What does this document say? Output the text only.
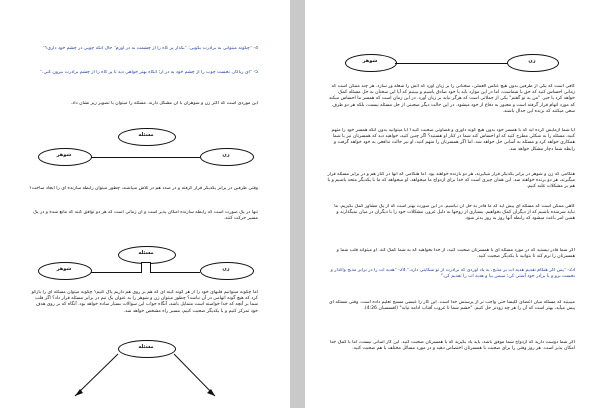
4- "چگونه میتوانی به برادرت بگویی: "بگذار پر کاه را از چشمت به در آورم" حال آنکه چوبی در چشم خود داری؟"
5- "ای ریاکار، نخست چوب را از چشم خود به در آر؛ آنگاه بهتر خواهی دید تا پر کاه را از چشم برادرت بیرون کنی."
این موردی است که اکثر زن و شوهران با آن مشکل دارند. مسئله را میتوان با تصویر زیر نشان داد.
مسئله
شوهر	زن
وقتی طرفین در برابر یکدیگر قرار گرفته و در صدد هم در تلاش میباشند، چطور میتوان رابطه سازنده ای را ایجاد ساخت؟
تنها در یک صورت است که رابطه سازنده امکان پذیر است و آن زمانی است که هر دو توافق کنند که مانع شده و در یک مسیر حرکت کنند.
مسئله
شوهر	زن
اما چگونه میتوانیم قلبهای خود را از هر گونه کینه ای که هم بر روی هم داریم پاک کنیم؟ چگونه میتوان مسئله ای را بازگو کرد که هیچ گونه اتهامی در آن نباشد؟ چطور میتوان زن و شوهر را به عنوان یک تیم در برابر مسئله قرار داد؟ اگر قلب شما بر آنچه که خدا خواسته است متمایل باشد، آنگاه جواب این سوالات بسیار ساده خواهد بود. آنگاه که بر روی هدف خود تمرکز کنیم و با یکدیگر صحبت کنیم، مسیر راه مشخص خواهد شد.
مسئله
شوهر	زن
کافی است که یکی از طرفین بدون هیچ عکس العملی، سخنانی را بر زبان آورد که آتش را شعله ور سازد. هر چند ممکن است که زمانی احساس کنید که حق با شماست، اما در این موارد باید با خود صادق باشیم و ببینیم که آیا این سخنان به حل مسئله کمک خواهد کرد یا خیر. "من به تو گفتم" یکی از جملاتی است که هرگز نباید بر زبان آورد. در این زمان است که همسر ما احساس میکند که مورد اتهام قرار گرفته است و مجبور به دفاع از خود میشود. در این حالت دیگر صحبتی از حل مسئله نیست، بلکه هر دو طرف سعی میکنند که برنده این جدال باشند.
آیا شما آزمایش کرده اید که با همسر خود بدون هیچ گونه داوری و قضاوتی صحبت کنید؟ آیا میتوانید بدون آنکه همسر خود را متهم کنید، مسئله را به شکلی مطرح کنید که او احساس کند شما در کنار او هستید؟ اگر چنین کنید، خواهید دید که همسرتان نیز با شما همکاری خواهد کرد و مسئله به آسانی حل خواهد شد. اما اگر همسرتان را متهم کنید، او نیز حالت تدافعی به خود خواهد گرفت و رابطه شما دچار مشکل خواهد شد.
هنگامی که زن و شوهر در برابر یکدیگر قرار میگیرند، هر دو بازنده خواهند بود. اما هنگامی که آنها در کنار هم و در برابر مسئله قرار میگیرند، هر دو برنده خواهند شد. این همان چیزی است که خدا برای ازدواج ما میخواهد. او میخواهد که ما با یکدیگر متحد باشیم و با هم بر مشکلات غلبه کنیم.
گاهی ممکن است که مسئله ای پیش آید که ما قادر به حل آن نباشیم. در این صورت بهتر است که از یک مشاور کمک بگیریم. ما نباید شرمنده باشیم که از دیگران کمک بخواهیم. بسیاری از زوجها به دلیل غرور، مشکلات خود را با دیگران در میان نمیگذارند و همین امر باعث میشود که رابطه آنها روز به روز بدتر شود.
اگر شما قادر نیستید که در مورد مسئله ای با همسرتان صحبت کنید، از خدا بخواهید که به شما کمک کند. او میتواند قلب شما و همسرتان را نرم کند تا بتوانید با یکدیگر صحبت کنید.
23- "پس اگر هنگام تقدیم هدیه ات بر مذبح، به یاد آوردی که برادرت از تو شکایتی دارد،" 24- "هدیه ات را در برابر مذبح واگذار و نخست برو و با برادر خود آشتی کن؛ سپس بیا و هدیه ات را تقدیم کن."
میبینید که مسئله میان اعضای کلیسا حتی واجب تر از پرستش خدا است. این کار را عیسی مسیح تعلیم داده است. وقتی مسئله ای پیش میآید، بهتر است که آن را هر چه زودتر حل کنیم. "خشم شما تا غروب آفتاب ادامه نیابد" (افسسیان 4:26).
اگر شما دوست دارید که ازدواج شما موفق باشد، باید یاد بگیرید که با همسرتان صحبت کنید. این کار آسانی نیست، اما با کمک خدا امکان پذیر است. هر روز وقتی را برای صحبت با همسرتان اختصاص دهید و در مورد مسائل مختلف با هم صحبت کنید.
